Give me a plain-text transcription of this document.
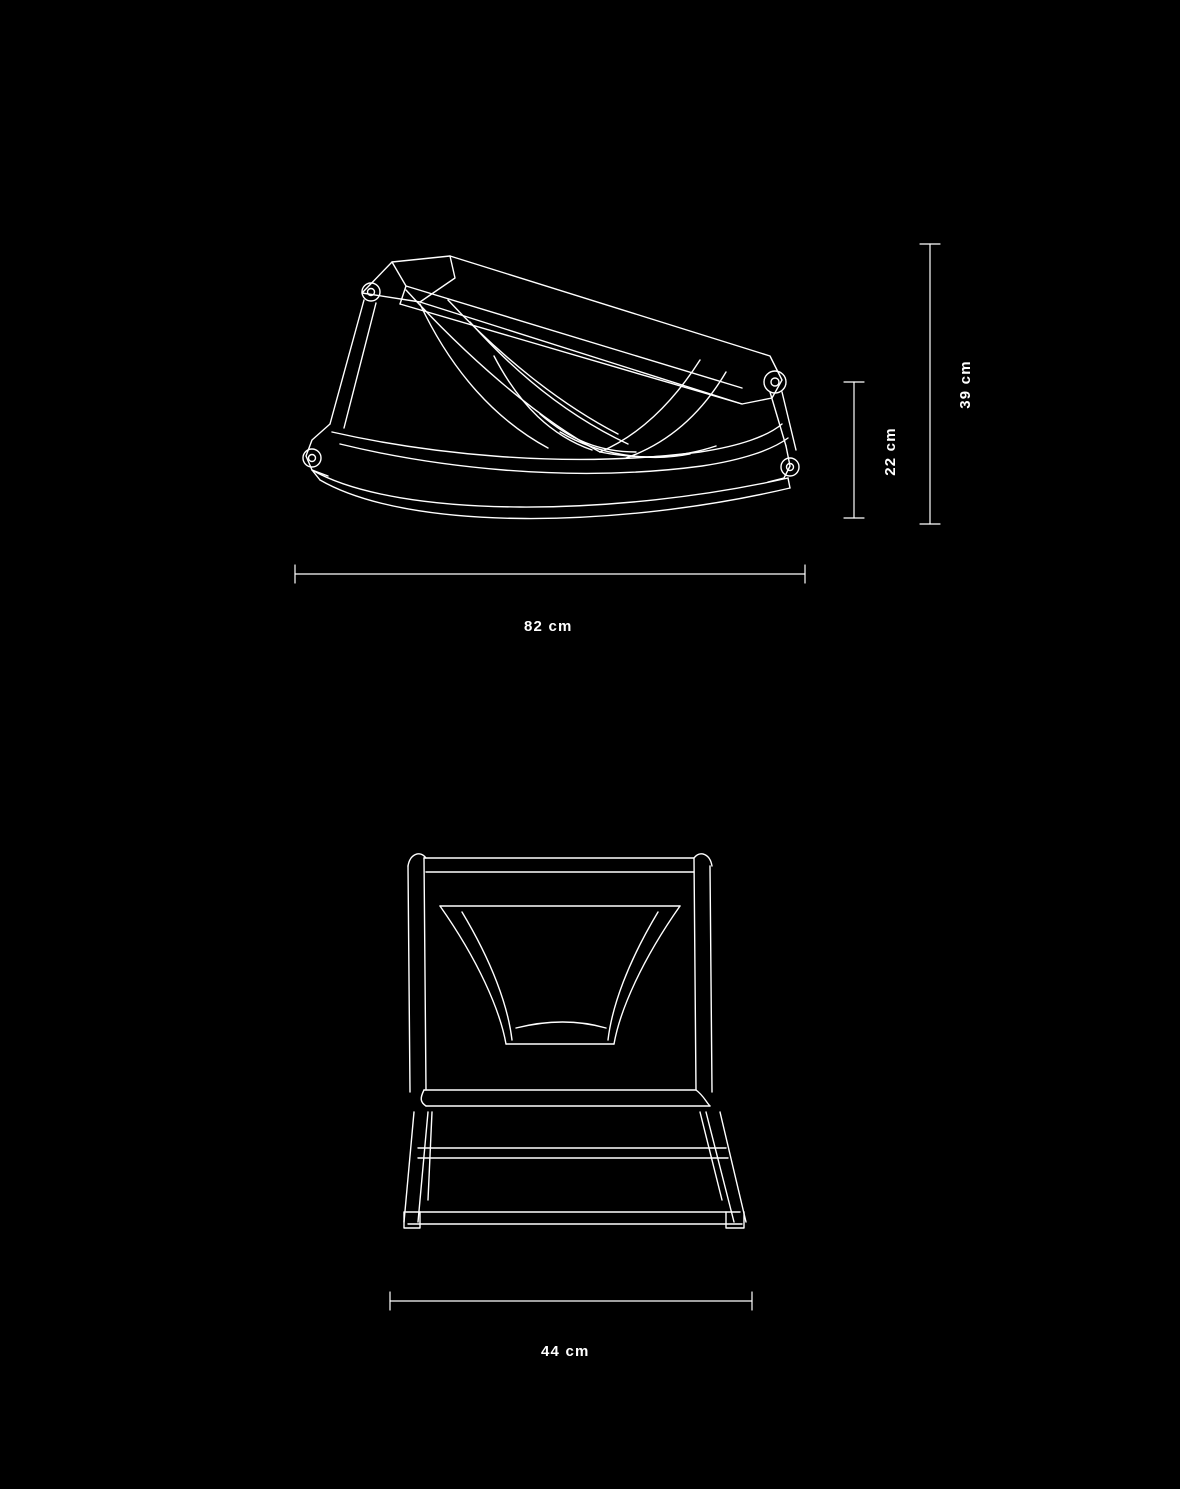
39 cm
22 cm
82 cm
44 cm
